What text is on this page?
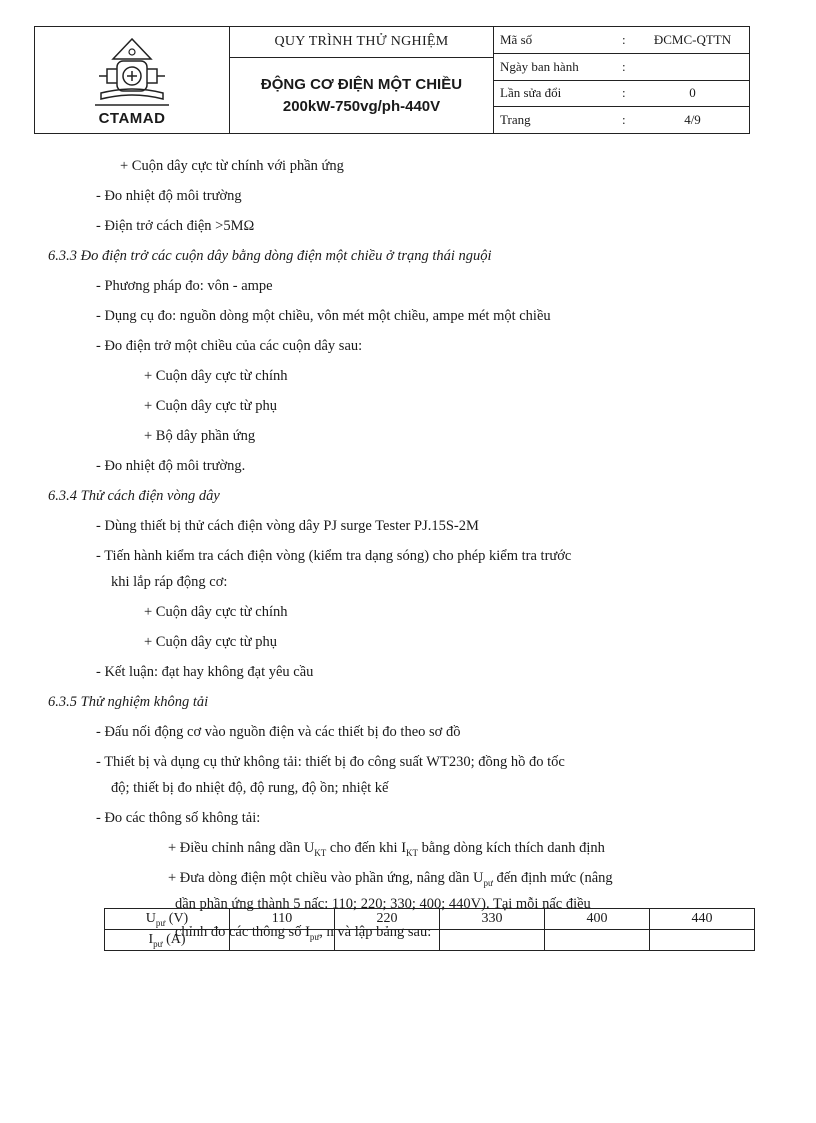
CTAMAD
QUY TRÌNH THỬ NGHIỆM
ĐỘNG CƠ ĐIỆN MỘT CHIỀU
200kW-750vg/ph-440V
Mã số	:	ĐCMC-QTTN
Ngày ban hành	:
Lần sửa đổi	:	0
Trang	:	4/9
+ Cuộn dây cực từ chính với phần ứng
- Đo nhiệt độ môi trường
- Điện trở cách điện >5MΩ
6.3.3 Đo điện trở các cuộn dây bằng dòng điện một chiều ở trạng thái nguội
- Phương pháp đo: vôn - ampe
- Dụng cụ đo: nguồn dòng một chiều, vôn mét một chiều, ampe mét một chiều
- Đo điện trở một chiều của các cuộn dây sau:
+ Cuộn dây cực từ chính
+ Cuộn dây cực từ phụ
+ Bộ dây phần ứng
- Đo nhiệt độ môi trường.
6.3.4 Thử cách điện vòng dây
- Dùng thiết bị thử cách điện vòng dây PJ surge Tester PJ.15S-2M
- Tiến hành kiểm tra cách điện vòng (kiểm tra dạng sóng) cho phép kiểm tra trước
khi lắp ráp động cơ:
+ Cuộn dây cực từ chính
+ Cuộn dây cực từ phụ
- Kết luận: đạt hay không đạt yêu cầu
6.3.5 Thử nghiệm không tải
- Đấu nối động cơ vào nguồn điện và các thiết bị đo theo sơ đồ
- Thiết bị và dụng cụ thử không tải: thiết bị đo công suất WT230; đồng hồ đo tốc
độ; thiết bị đo nhiệt độ, độ rung, độ ồn; nhiệt kế
- Đo các thông số không tải:
+ Điều chỉnh nâng dần $U_{KT}$ cho đến khi $I_{KT}$ bằng dòng kích thích danh định
+ Đưa dòng điện một chiều vào phần ứng, nâng dần $U_{pư}$ đến định mức (nâng
dần phần ứng thành 5 nấc: 110; 220; 330; 400; 440V). Tại mỗi nấc điều
chỉnh đo các thông số $I_{pư}$, n và lập bảng sau:
$U_{pư}$ (V)	110	220	330	400	440
$I_{pư}$ (A)					
